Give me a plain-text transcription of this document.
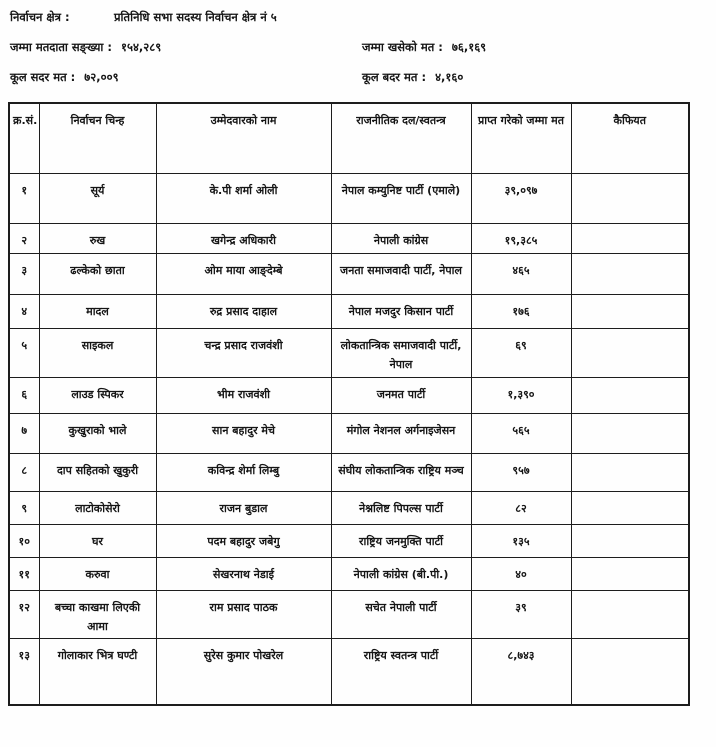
निर्वाचन क्षेत्र :	प्रतिनिधि सभा सदस्य निर्वाचन क्षेत्र नं ५
जम्मा मतदाता सङ्ख्या : १५४,२८९	जम्मा खसेको मत : ७६,१६९
कूल सदर मत : ७२,००९	कूल बदर मत : ४,१६०
क्र.सं.	निर्वाचन चिन्ह	उम्मेदवारको नाम	राजनीतिक दल/स्वतन्त्र	प्राप्त गरेको जम्मा मत	कैफियत
१	सूर्य	के.पी शर्मा ओली	नेपाल कम्युनिष्ट पार्टी (एमाले)	३९,०९७	
२	रुख	खगेन्द्र अधिकारी	नेपाली कांग्रेस	१९,३८५	
३	ढल्केको छाता	ओम माया आङ्देम्बे	जनता समाजवादी पार्टी, नेपाल	४६५	
४	मादल	रुद्र प्रसाद दाहाल	नेपाल मजदुर किसान पार्टी	१७६	
५	साइकल	चन्द्र प्रसाद राजवंशी	लोकतान्त्रिक समाजवादी पार्टी, नेपाल	६९	
६	लाउड स्पिकर	भीम राजवंशी	जनमत पार्टी	१,३९०	
७	कुखुराको भाले	सान बहादुर मेचे	मंगोल नेशनल अर्गनाइजेसन	५६५	
८	दाप सहितको खुकुरी	कविन्द्र शेर्मा लिम्बु	संघीय लोकतान्त्रिक राष्ट्रिय मञ्च	९५७	
९	लाटोकोसेरो	राजन बुडाल	नेश्नलिष्ट पिपल्स पार्टी	८२	
१०	घर	पदम बहादुर जबेगु	राष्ट्रिय जनमुक्ति पार्टी	१३५	
११	करुवा	सेखरनाथ नेडाई	नेपाली कांग्रेस (बी.पी.)	४०	
१२	बच्चा काखमा लिएकी आमा	राम प्रसाद पाठक	सचेत नेपाली पार्टी	३९	
१३	गोलाकार भित्र घण्टी	सुरेस कुमार पोखरेल	राष्ट्रिय स्वतन्त्र पार्टी	८,७४३	
